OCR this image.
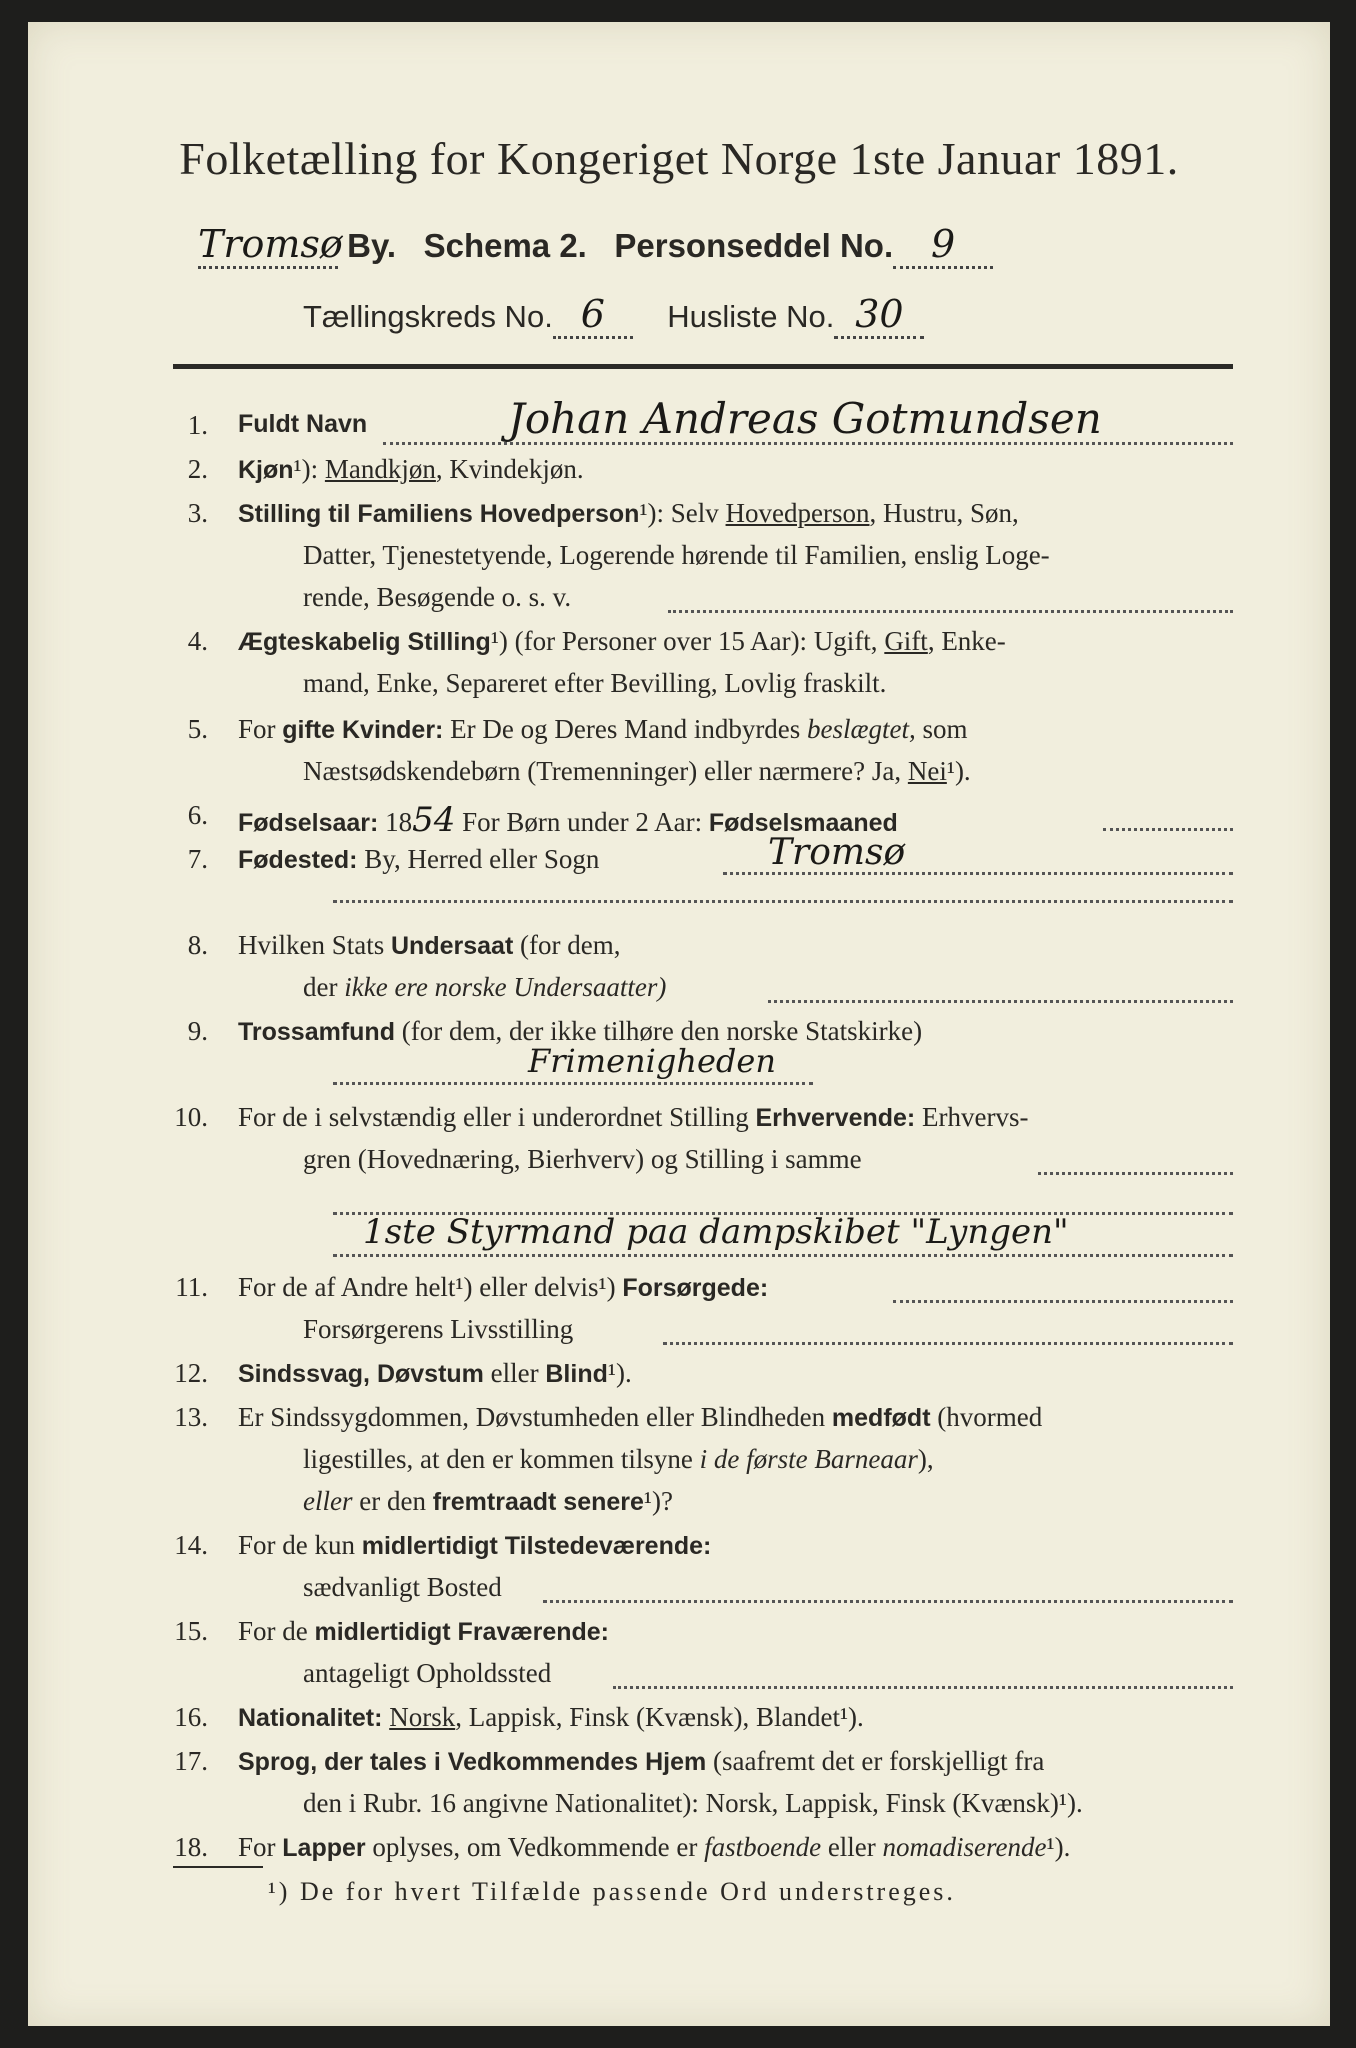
Folketælling for Kongeriget Norge 1ste Januar 1891.
Tromsø By. Schema 2. Personseddel No. 9
Tællingskreds No. 6 Husliste No. 30
1. Fuldt Navn	Johan Andreas Gotmundsen
2. Kjøn¹): Mandkjøn, Kvindekjøn.
3. Stilling til Familiens Hovedperson¹): Selv Hovedperson, Hustru, Søn,
Datter, Tjenestetyende, Logerende hørende til Familien, enslig Loge-
rende, Besøgende o. s. v.
4. Ægteskabelig Stilling¹) (for Personer over 15 Aar): Ugift, Gift, Enke-
mand, Enke, Separeret efter Bevilling, Lovlig fraskilt.
5. For gifte Kvinder: Er De og Deres Mand indbyrdes beslægtet, som
Næstsødskendebørn (Tremenninger) eller nærmere? Ja, Nei¹).
6. Fødselsaar: 1854 For Børn under 2 Aar: Fødselsmaaned
7. Fødested: By, Herred eller Sogn	Tromsø
8. Hvilken Stats Undersaat (for dem,
der ikke ere norske Undersaatter)
9. Trossamfund (for dem, der ikke tilhøre den norske Statskirke)
Frimenigheden
10. For de i selvstændig eller i underordnet Stilling Erhvervende: Erhvervs-
gren (Hovednæring, Bierhverv) og Stilling i samme
1ste Styrmand paa dampskibet "Lyngen"
11. For de af Andre helt¹) eller delvis¹) Forsørgede:
Forsørgerens Livsstilling
12. Sindssvag, Døvstum eller Blind¹).
13. Er Sindssygdommen, Døvstumheden eller Blindheden medfødt (hvormed
ligestilles, at den er kommen tilsyne i de første Barneaar),
eller er den fremtraadt senere¹)?
14. For de kun midlertidigt Tilstedeværende:
sædvanligt Bosted
15. For de midlertidigt Fraværende:
antageligt Opholdssted
16. Nationalitet: Norsk, Lappisk, Finsk (Kvænsk), Blandet¹).
17. Sprog, der tales i Vedkommendes Hjem (saafremt det er forskjelligt fra
den i Rubr. 16 angivne Nationalitet): Norsk, Lappisk, Finsk (Kvænsk)¹).
18. For Lapper oplyses, om Vedkommende er fastboende eller nomadiserende¹).
¹) De for hvert Tilfælde passende Ord understreges.
